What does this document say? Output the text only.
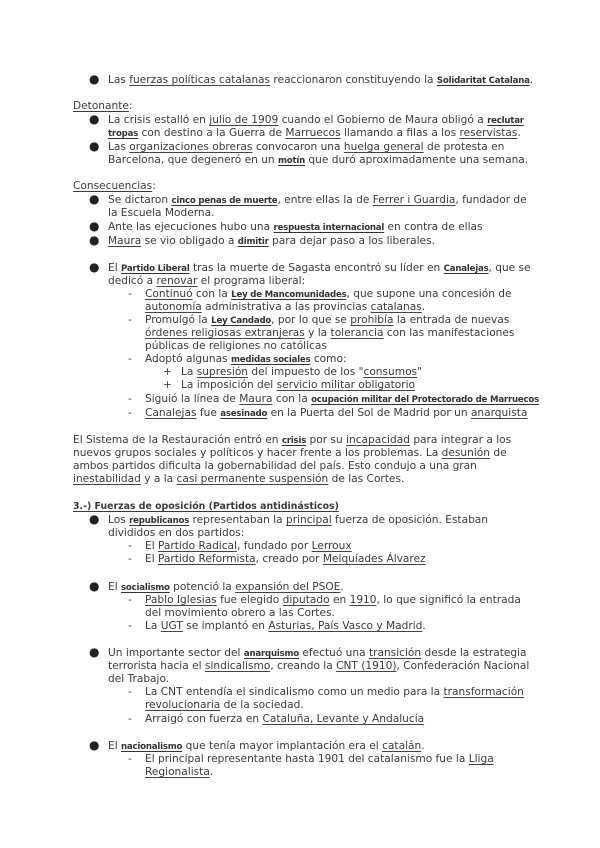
● Las fuerzas políticas catalanas reaccionaron constituyendo la Solidaritat Catalana.
Detonante:
● La crisis estalló en julio de 1909 cuando el Gobierno de Maura obligó a reclutar
tropas con destino a la Guerra de Marruecos llamando a filas a los reservistas.
● Las organizaciones obreras convocaron una huelga general de protesta en
Barcelona, que degeneró en un motín que duró aproximadamente una semana.
Consecuencias:
● Se dictaron cinco penas de muerte, entre ellas la de Ferrer i Guardia, fundador de
la Escuela Moderna.
● Ante las ejecuciones hubo una respuesta internacional en contra de ellas
● Maura se vio obligado a dimitir para dejar paso a los liberales.
● El Partido Liberal tras la muerte de Sagasta encontró su líder en Canalejas, que se
dedicó a renovar el programa liberal:
- Continuó con la Ley de Mancomunidades, que supone una concesión de
autonomía administrativa a las provincias catalanas.
- Promulgó la Ley Candado, por lo que se prohibía la entrada de nuevas
órdenes religiosas extranjeras y la tolerancia con las manifestaciones
públicas de religiones no católicas
- Adoptó algunas medidas sociales como:
+ La supresión del impuesto de los "consumos"
+ La imposición del servicio militar obligatorio
- Siguió la línea de Maura con la ocupación militar del Protectorado de Marruecos
- Canalejas fue asesinado en la Puerta del Sol de Madrid por un anarquista
El Sistema de la Restauración entró en crisis por su incapacidad para integrar a los
nuevos grupos sociales y políticos y hacer frente a los problemas. La desunión de
ambos partidos dificulta la gobernabilidad del país. Esto condujo a una gran
inestabilidad y a la casi permanente suspensión de las Cortes.
3.-) Fuerzas de oposición (Partidos antidinásticos)
● Los republicanos representaban la principal fuerza de oposición. Estaban
divididos en dos partidos:
- El Partido Radical, fundado por Lerroux
- El Partido Reformista, creado por Melquíades Álvarez
● El socialismo potenció la expansión del PSOE.
- Pablo Iglesias fue elegido diputado en 1910, lo que significó la entrada
del movimiento obrero a las Cortes.
- La UGT se implantó en Asturias, País Vasco y Madrid.
● Un importante sector del anarquismo efectuó una transición desde la estrategia
terrorista hacia el sindicalismo, creando la CNT (1910), Confederación Nacional
del Trabajo.
- La CNT entendía el sindicalismo como un medio para la transformación
revolucionaria de la sociedad.
- Arraigó con fuerza en Cataluña, Levante y Andalucía
● El nacionalismo que tenía mayor implantación era el catalán.
- El principal representante hasta 1901 del catalanismo fue la Lliga
Regionalista.
